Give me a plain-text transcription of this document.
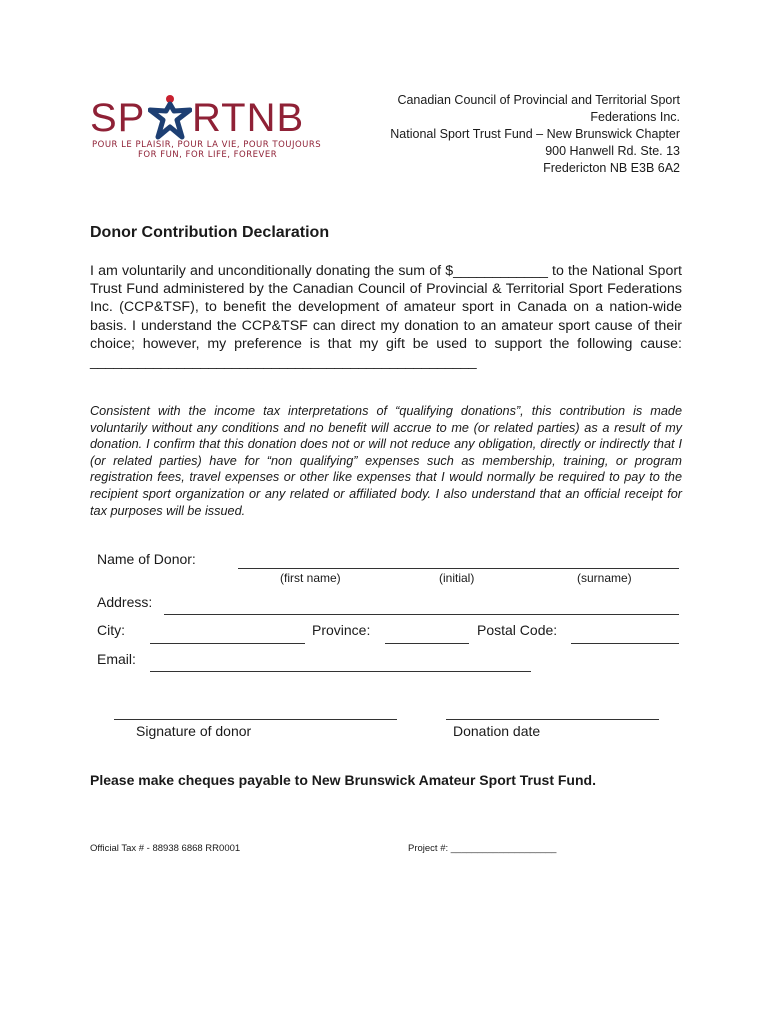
SP RTNB
POUR LE PLAISIR, POUR LA VIE, POUR TOUJOURS
FOR FUN, FOR LIFE, FOREVER
Canadian Council of Provincial and Territorial Sport
Federations Inc.
National Sport Trust Fund – New Brunswick Chapter
900 Hanwell Rd. Ste. 13
Fredericton NB E3B 6A2
Donor Contribution Declaration
I am voluntarily and unconditionally donating the sum of $____________ to the National Sport Trust Fund administered by the Canadian Council of Provincial & Territorial Sport Federations Inc. (CCP&TSF), to benefit the development of amateur sport in Canada on a nation-wide basis. I understand the CCP&TSF can direct my donation to an amateur sport cause of their choice; however, my preference is that my gift be used to support the following cause: _________________________________________________
Consistent with the income tax interpretations of “qualifying donations”, this contribution is made voluntarily without any conditions and no benefit will accrue to me (or related parties) as a result of my donation. I confirm that this donation does not or will not reduce any obligation, directly or indirectly that I (or related parties) have for “non qualifying” expenses such as membership, training, or program registration fees, travel expenses or other like expenses that I would normally be required to pay to the recipient sport organization or any related or affiliated body. I also understand that an official receipt for tax purposes will be issued.
Name of Donor:
(first name)	(initial)	(surname)
Address:
City:	Province:	Postal Code:
Email:
Signature of donor	Donation date
Please make cheques payable to New Brunswick Amateur Sport Trust Fund.
Official Tax # - 88938 6868 RR0001	Project #: ____________________
